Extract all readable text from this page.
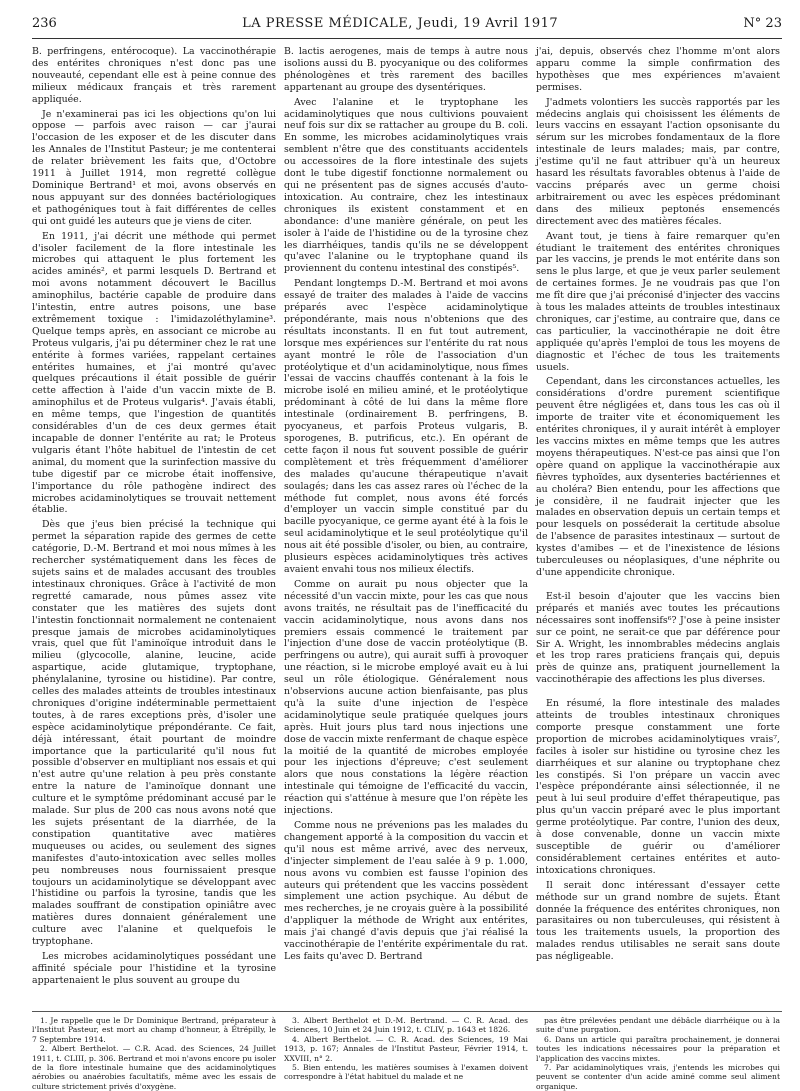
236	LA PRESSE MÉDICALE, Jeudi, 19 Avril 1917	N° 23

B. perfringens, entérocoque). La vaccinothérapie des entérites chroniques n'est donc pas une nouveauté, cependant elle est à peine connue des milieux médicaux français et très rarement appliquée.

Je n'examinerai pas ici les objections qu'on lui oppose — parfois avec raison — car j'aurai l'occasion de les exposer et de les discuter dans les Annales de l'Institut Pasteur; je me contenterai de relater brièvement les faits que, d'Octobre 1911 à Juillet 1914, mon regretté collègue Dominique Bertrand¹ et moi, avons observés en nous appuyant sur des données bactériologiques et pathogéniques tout à fait différentes de celles qui ont guidé les auteurs que je viens de citer.

En 1911, j'ai décrit une méthode qui permet d'isoler facilement de la flore intestinale les microbes qui attaquent le plus fortement les acides aminés², et parmi lesquels D. Bertrand et moi avons notamment découvert le Bacillus aminophilus, bactérie capable de produire dans l'intestin, entre autres poisons, une base extrêmement toxique : l'imidazoléthylamine³. Quelque temps après, en associant ce microbe au Proteus vulgaris, j'ai pu déterminer chez le rat une entérite à formes variées, rappelant certaines entérites humaines, et j'ai montré qu'avec quelques précautions il était possible de guérir cette affection à l'aide d'un vaccin mixte de B. aminophilus et de Proteus vulgaris⁴. J'avais établi, en même temps, que l'ingestion de quantités considérables d'un de ces deux germes était incapable de donner l'entérite au rat; le Proteus vulgaris étant l'hôte habituel de l'intestin de cet animal, du moment que la surinfection massive du tube digestif par ce microbe était inoffensive, l'importance du rôle pathogène indirect des microbes acidaminolytiques se trouvait nettement établie.

Dès que j'eus bien précisé la technique qui permet la séparation rapide des germes de cette catégorie, D.-M. Bertrand et moi nous mîmes à les rechercher systématiquement dans les fèces de sujets sains et de malades accusant des troubles intestinaux chroniques. Grâce à l'activité de mon regretté camarade, nous pûmes assez vite constater que les matières des sujets dont l'intestin fonctionnait normalement ne contenaient presque jamais de microbes acidaminolytiques vrais, quel que fût l'aminoïque introduit dans le milieu (glycocolle, alanine, leucine, acide aspartique, acide glutamique, tryptophane, phénylalanine, tyrosine ou histidine). Par contre, celles des malades atteints de troubles intestinaux chroniques d'origine indéterminable permettaient toutes, à de rares exceptions près, d'isoler une espèce acidaminolytique prépondérante. Ce fait, déjà intéressant, était pourtant de moindre importance que la particularité qu'il nous fut possible d'observer en multipliant nos essais et qui n'est autre qu'une relation à peu près constante entre la nature de l'aminoïque donnant une culture et le symptôme prédominant accusé par le malade. Sur plus de 200 cas nous avons noté que les sujets présentant de la diarrhée, de la constipation quantitative avec matières muqueuses ou acides, ou seulement des signes manifestes d'auto-intoxication avec selles molles peu nombreuses nous fournissaient presque toujours un acidaminolytique se développant avec l'histidine ou parfois la tyrosine, tandis que les malades souffrant de constipation opiniâtre avec matières dures donnaient généralement une culture avec l'alanine et quelquefois le tryptophane.

Les microbes acidaminolytiques possédant une affinité spéciale pour l'histidine et la tyrosine appartenaient le plus souvent au groupe du

B. lactis aerogenes, mais de temps à autre nous isolions aussi du B. pyocyanique ou des coliformes phénologènes et très rarement des bacilles appartenant au groupe des dysentériques.

Avec l'alanine et le tryptophane les acidaminolytiques que nous cultivions pouvaient neuf fois sur dix se rattacher au groupe du B. coli. En somme, les microbes acidaminolytiques vrais semblent n'être que des constituants accidentels ou accessoires de la flore intestinale des sujets dont le tube digestif fonctionne normalement ou qui ne présentent pas de signes accusés d'auto-intoxication. Au contraire, chez les intestinaux chroniques ils existent constamment et en abondance: d'une manière générale, on peut les isoler à l'aide de l'histidine ou de la tyrosine chez les diarrhéiques, tandis qu'ils ne se développent qu'avec l'alanine ou le tryptophane quand ils proviennent du contenu intestinal des constipés⁵.

Pendant longtemps D.-M. Bertrand et moi avons essayé de traiter des malades à l'aide de vaccins préparés avec l'espèce acidaminolytique prépondérante, mais nous n'obtenions que des résultats inconstants. Il en fut tout autrement, lorsque mes expériences sur l'entérite du rat nous ayant montré le rôle de l'association d'un protéolytique et d'un acidaminolytique, nous fîmes l'essai de vaccins chauffés contenant à la fois le microbe isolé en milieu aminé, et le protéolytique prédominant à côté de lui dans la même flore intestinale (ordinairement B. perfringens, B. pyocyaneus, et parfois Proteus vulgaris, B. sporogenes, B. putrificus, etc.). En opérant de cette façon il nous fut souvent possible de guérir complètement et très fréquemment d'améliorer des malades qu'aucune thérapeutique n'avait soulagés; dans les cas assez rares où l'échec de la méthode fut complet, nous avons été forcés d'employer un vaccin simple constitué par du bacille pyocyanique, ce germe ayant été à la fois le seul acidaminolytique et le seul protéolytique qu'il nous ait été possible d'isoler, ou bien, au contraire, plusieurs espèces acidaminolytiques très actives avaient envahi tous nos milieux électifs.

Comme on aurait pu nous objecter que la nécessité d'un vaccin mixte, pour les cas que nous avons traités, ne résultait pas de l'inefficacité du vaccin acidaminolytique, nous avons dans nos premiers essais commencé le traitement par l'injection d'une dose de vaccin protéolytique (B. perfringens ou autre), qui aurait suffi à provoquer une réaction, si le microbe employé avait eu à lui seul un rôle étiologique. Généralement nous n'observions aucune action bienfaisante, pas plus qu'à la suite d'une injection de l'espèce acidaminolytique seule pratiquée quelques jours après. Huit jours plus tard nous injections une dose de vaccin mixte renfermant de chaque espèce la moitié de la quantité de microbes employée pour les injections d'épreuve; c'est seulement alors que nous constations la légère réaction intestinale qui témoigne de l'efficacité du vaccin, réaction qui s'atténue à mesure que l'on répète les injections.

Comme nous ne prévenions pas les malades du changement apporté à la composition du vaccin et qu'il nous est même arrivé, avec des nerveux, d'injecter simplement de l'eau salée à 9 p. 1.000, nous avons vu combien est fausse l'opinion des auteurs qui prétendent que les vaccins possèdent simplement une action psychique. Au début de mes recherches, je ne croyais guère à la possibilité d'appliquer la méthode de Wright aux entérites, mais j'ai changé d'avis depuis que j'ai réalisé la vaccinothérapie de l'entérite expérimentale du rat. Les faits qu'avec D. Bertrand

j'ai, depuis, observés chez l'homme m'ont alors apparu comme la simple confirmation des hypothèses que mes expériences m'avaient permises.

J'admets volontiers les succès rapportés par les médecins anglais qui choisissent les éléments de leurs vaccins en essayant l'action opsonisante du sérum sur les microbes fondamentaux de la flore intestinale de leurs malades; mais, par contre, j'estime qu'il ne faut attribuer qu'à un heureux hasard les résultats favorables obtenus à l'aide de vaccins préparés avec un germe choisi arbitrairement ou avec les espèces prédominant dans des milieux peptonés ensemencés directement avec des matières fécales.

Avant tout, je tiens à faire remarquer qu'en étudiant le traitement des entérites chroniques par les vaccins, je prends le mot entérite dans son sens le plus large, et que je veux parler seulement de certaines formes. Je ne voudrais pas que l'on me fît dire que j'ai préconisé d'injecter des vaccins à tous les malades atteints de troubles intestinaux chroniques, car j'estime, au contraire que, dans ce cas particulier, la vaccinothérapie ne doit être appliquée qu'après l'emploi de tous les moyens de diagnostic et l'échec de tous les traitements usuels.

Cependant, dans les circonstances actuelles, les considérations d'ordre purement scientifique peuvent être négligées et, dans tous les cas où il importe de traiter vite et économiquement les entérites chroniques, il y aurait intérêt à employer les vaccins mixtes en même temps que les autres moyens thérapeutiques. N'est-ce pas ainsi que l'on opère quand on applique la vaccinothérapie aux fièvres typhoïdes, aux dysenteries bactériennes et au choléra? Bien entendu, pour les affections que je considère, il ne faudrait injecter que les malades en observation depuis un certain temps et pour lesquels on posséderait la certitude absolue de l'absence de parasites intestinaux — surtout de kystes d'amibes — et de l'inexistence de lésions tuberculeuses ou néoplasiques, d'une néphrite ou d'une appendicite chronique.

Est-il besoin d'ajouter que les vaccins bien préparés et maniés avec toutes les précautions nécessaires sont inoffensifs⁶? J'ose à peine insister sur ce point, ne serait-ce que par déférence pour Sir A. Wright, les innombrables médecins anglais et les trop rares praticiens français qui, depuis près de quinze ans, pratiquent journellement la vaccinothérapie des affections les plus diverses.

En résumé, la flore intestinale des malades atteints de troubles intestinaux chroniques comporte presque constamment une forte proportion de microbes acidaminolytiques vrais⁷, faciles à isoler sur histidine ou tyrosine chez les diarrhéiques et sur alanine ou tryptophane chez les constipés. Si l'on prépare un vaccin avec l'espèce prépondérante ainsi sélectionnée, il ne peut à lui seul produire d'effet thérapeutique, pas plus qu'un vaccin préparé avec le plus important germe protéolytique. Par contre, l'union des deux, à dose convenable, donne un vaccin mixte susceptible de guérir ou d'améliorer considérablement certaines entérites et auto-intoxications chroniques.

Il serait donc intéressant d'essayer cette méthode sur un grand nombre de sujets. Étant donnée la fréquence des entérites chroniques, non parasitaires ou non tuberculeuses, qui résistent à tous les traitements usuels, la proportion des malades rendus utilisables ne serait sans doute pas négligeable.

1. Je rappelle que le Dr Dominique Bertrand, préparateur à l'Institut Pasteur, est mort au champ d'honneur, à Étrépilly, le 7 Septembre 1914.

2. Albert Berthelot. — C.R. Acad. des Sciences, 24 Juillet 1911, t. CLIII, p. 306. Bertrand et moi n'avons encore pu isoler de la flore intestinale humaine que des acidaminolytiques aérobies ou anaérobies facultatifs, même avec les essais de culture strictement privés d'oxygène.

3. Albert Berthelot et D.-M. Bertrand. — C. R. Acad. des Sciences, 10 Juin et 24 Juin 1912, t. CLIV, p. 1643 et 1826.

4. Albert Berthelot. — C. R. Acad. des Sciences, 19 Mai 1913, p. 167; Annales de l'Institut Pasteur, Février 1914, t. XXVIII, n° 2.

5. Bien entendu, les matières soumises à l'examen doivent correspondre à l'état habituel du malade et ne

pas être prélevées pendant une débâcle diarrhéique ou à la suite d'une purgation.

6. Dans un article qui paraîtra prochainement, je donnerai toutes les indications nécessaires pour la préparation et l'application des vaccins mixtes.

7. Par acidaminolytiques vrais, j'entends les microbes qui peuvent se contenter d'un acide aminé comme seul aliment organique.
